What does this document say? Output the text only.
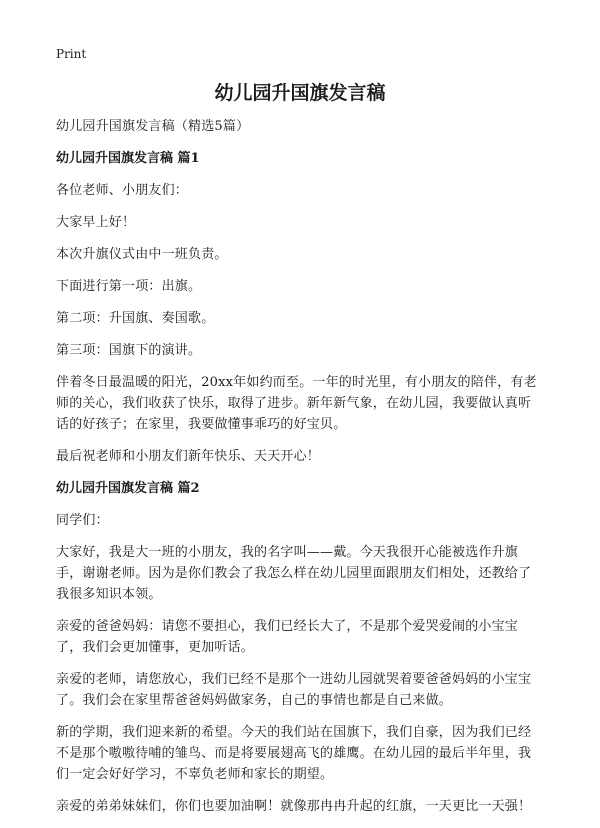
Print
幼儿园升国旗发言稿
幼儿园升国旗发言稿（精选5篇）
幼儿园升国旗发言稿 篇1
各位老师、小朋友们：
大家早上好！
本次升旗仪式由中一班负责。
下面进行第一项：出旗。
第二项：升国旗、奏国歌。
第三项：国旗下的演讲。
伴着冬日最温暖的阳光，20xx年如约而至。一年的时光里，有小朋友的陪伴，有老师的关心，我们收获了快乐，取得了进步。新年新气象，在幼儿园，我要做认真听话的好孩子；在家里，我要做懂事乖巧的好宝贝。
最后祝老师和小朋友们新年快乐、天天开心！
幼儿园升国旗发言稿 篇2
同学们：
大家好，我是大一班的小朋友，我的名字叫——戴。今天我很开心能被选作升旗手，谢谢老师。因为是你们教会了我怎么样在幼儿园里面跟朋友们相处，还教给了我很多知识本领。
亲爱的爸爸妈妈：请您不要担心，我们已经长大了，不是那个爱哭爱闹的小宝宝了，我们会更加懂事，更加听话。
亲爱的老师，请您放心，我们已经不是那个一进幼儿园就哭着要爸爸妈妈的小宝宝了。我们会在家里帮爸爸妈妈做家务，自己的事情也都是自己来做。
新的学期，我们迎来新的希望。今天的我们站在国旗下，我们自豪，因为我们已经不是那个嗷嗷待哺的雏鸟、而是将要展翅高飞的雄鹰。在幼儿园的最后半年里，我们一定会好好学习，不辜负老师和家长的期望。
亲爱的弟弟妹妹们，你们也要加油啊！就像那冉冉升起的红旗，一天更比一天强！
